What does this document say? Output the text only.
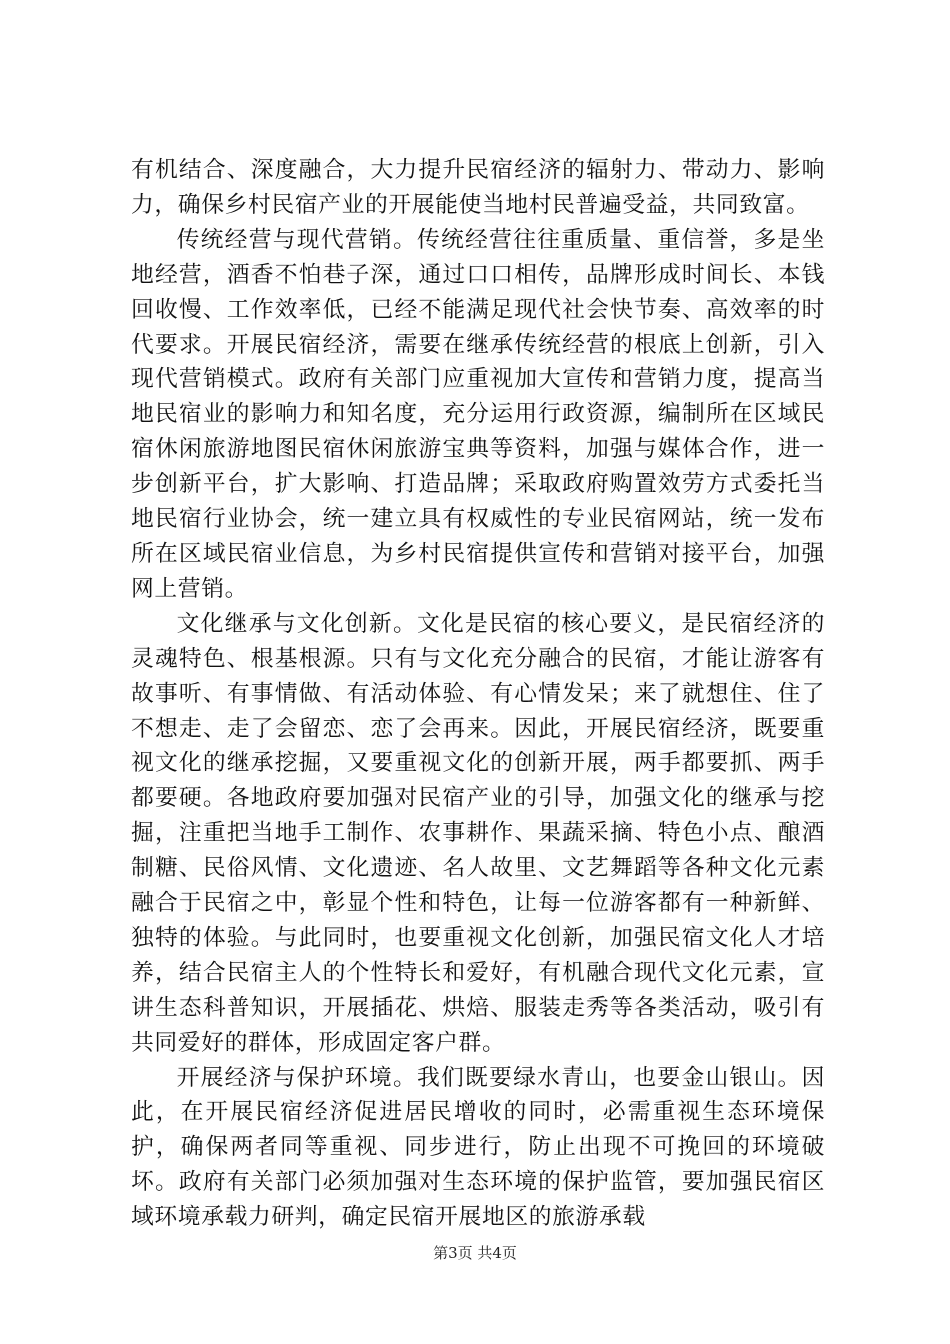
有机结合、深度融合，大力提升民宿经济的辐射力、带动力、影响力，确保乡村民宿产业的开展能使当地村民普遍受益，共同致富。

传统经营与现代营销。传统经营往往重质量、重信誉，多是坐地经营，酒香不怕巷子深，通过口口相传，品牌形成时间长、本钱回收慢、工作效率低，已经不能满足现代社会快节奏、高效率的时代要求。开展民宿经济，需要在继承传统经营的根底上创新，引入现代营销模式。政府有关部门应重视加大宣传和营销力度，提高当地民宿业的影响力和知名度，充分运用行政资源，编制所在区域民宿休闲旅游地图民宿休闲旅游宝典等资料，加强与媒体合作，进一步创新平台，扩大影响、打造品牌；采取政府购置效劳方式委托当地民宿行业协会，统一建立具有权威性的专业民宿网站，统一发布所在区域民宿业信息，为乡村民宿提供宣传和营销对接平台，加强网上营销。

文化继承与文化创新。文化是民宿的核心要义，是民宿经济的灵魂特色、根基根源。只有与文化充分融合的民宿，才能让游客有故事听、有事情做、有活动体验、有心情发呆；来了就想住、住了不想走、走了会留恋、恋了会再来。因此，开展民宿经济，既要重视文化的继承挖掘，又要重视文化的创新开展，两手都要抓、两手都要硬。各地政府要加强对民宿产业的引导，加强文化的继承与挖掘，注重把当地手工制作、农事耕作、果蔬采摘、特色小点、酿酒制糖、民俗风情、文化遗迹、名人故里、文艺舞蹈等各种文化元素融合于民宿之中，彰显个性和特色，让每一位游客都有一种新鲜、独特的体验。与此同时，也要重视文化创新，加强民宿文化人才培养，结合民宿主人的个性特长和爱好，有机融合现代文化元素，宣讲生态科普知识，开展插花、烘焙、服装走秀等各类活动，吸引有共同爱好的群体，形成固定客户群。

开展经济与保护环境。我们既要绿水青山，也要金山银山。因此，在开展民宿经济促进居民增收的同时，必需重视生态环境保护，确保两者同等重视、同步进行，防止出现不可挽回的环境破坏。政府有关部门必须加强对生态环境的保护监管，要加强民宿区域环境承载力研判，确定民宿开展地区的旅游承载

第3页 共4页
